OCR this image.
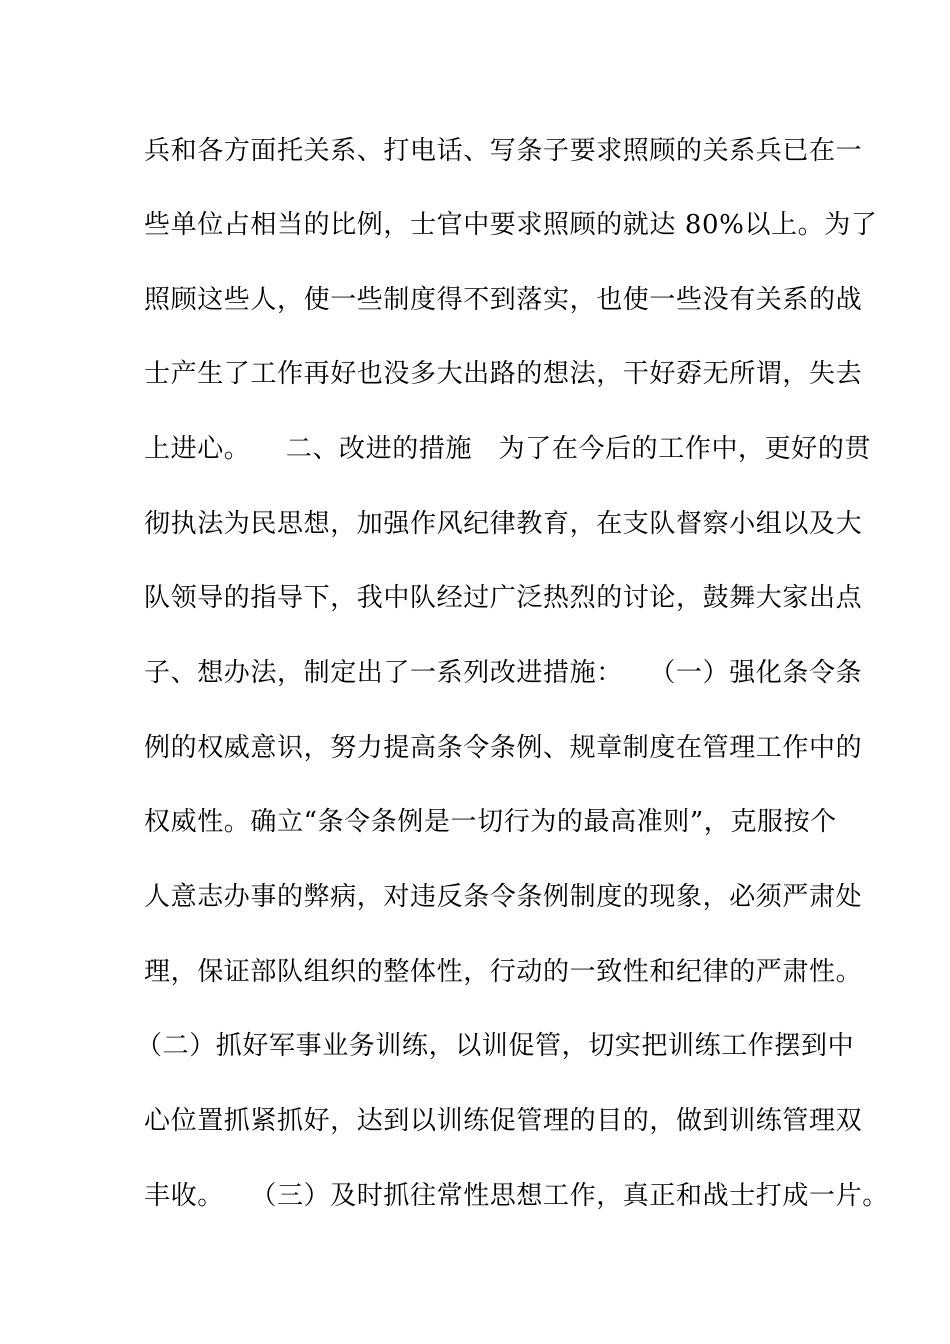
兵和各方面托关系、打电话、写条子要求照顾的关系兵已在一
些单位占相当的比例，士官中要求照顾的就达 80%以上。为了
照顾这些人，使一些制度得不到落实，也使一些没有关系的战
士产生了工作再好也没多大出路的想法，干好孬无所谓，失去
上进心。    二、改进的措施   为了在今后的工作中，更好的贯
彻执法为民思想，加强作风纪律教育，在支队督察小组以及大
队领导的指导下，我中队经过广泛热烈的讨论，鼓舞大家出点
子、想办法，制定出了一系列改进措施：   （一）强化条令条
例的权威意识，努力提高条令条例、规章制度在管理工作中的
权威性。确立“条令条例是一切行为的最高准则”，克服按个
人意志办事的弊病，对违反条令条例制度的现象，必须严肃处
理，保证部队组织的整体性，行动的一致性和纪律的严肃性。
（二）抓好军事业务训练，以训促管，切实把训练工作摆到中
心位置抓紧抓好，达到以训练促管理的目的，做到训练管理双
丰收。   （三）及时抓往常性思想工作，真正和战士打成一片。
